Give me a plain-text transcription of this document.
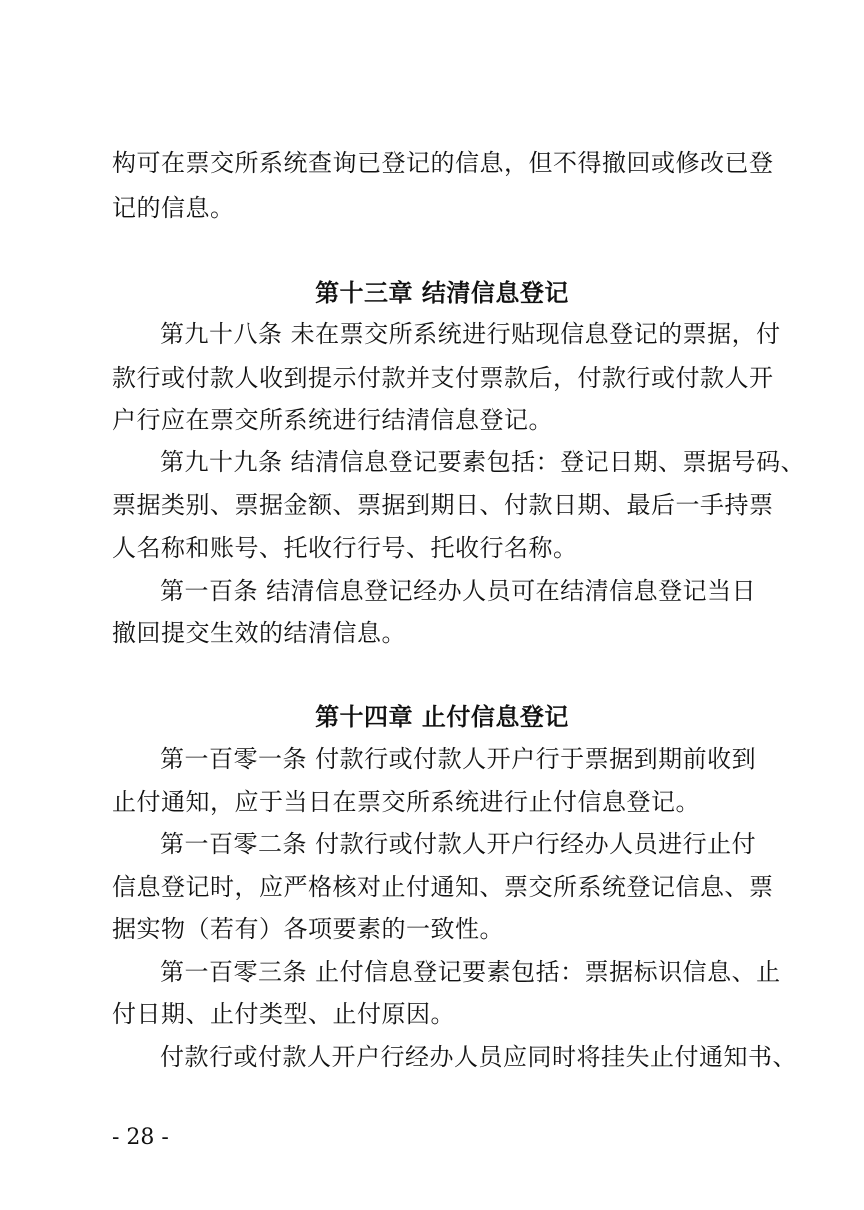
构可在票交所系统查询已登记的信息，但不得撤回或修改已登
记的信息。
第十三章 结清信息登记
第九十八条 未在票交所系统进行贴现信息登记的票据，付
款行或付款人收到提示付款并支付票款后，付款行或付款人开
户行应在票交所系统进行结清信息登记。
第九十九条 结清信息登记要素包括：登记日期、票据号码、
票据类别、票据金额、票据到期日、付款日期、最后一手持票
人名称和账号、托收行行号、托收行名称。
第一百条 结清信息登记经办人员可在结清信息登记当日
撤回提交生效的结清信息。
第十四章 止付信息登记
第一百零一条 付款行或付款人开户行于票据到期前收到
止付通知，应于当日在票交所系统进行止付信息登记。
第一百零二条 付款行或付款人开户行经办人员进行止付
信息登记时，应严格核对止付通知、票交所系统登记信息、票
据实物（若有）各项要素的一致性。
第一百零三条 止付信息登记要素包括：票据标识信息、止
付日期、止付类型、止付原因。
付款行或付款人开户行经办人员应同时将挂失止付通知书、
- 28 -
